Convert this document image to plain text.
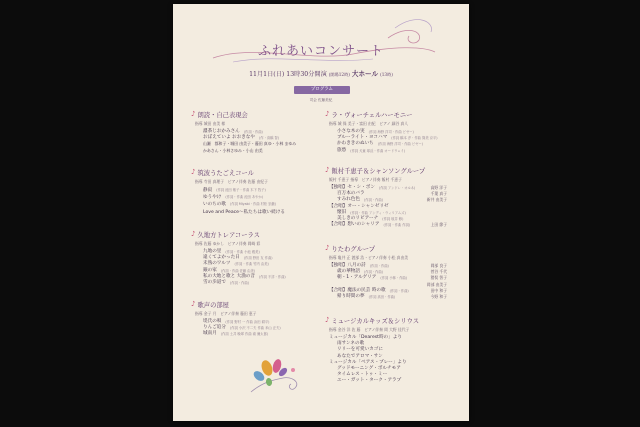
ふれあいコンサート
11月1日(日) 13時30分開演 (開場12時) 大ホール (13時)
プログラム
司会 佐藤美紀
♪ 朗読・自己表現会
指導 城田 由美 様
濃茶じおかみさん (作詞・作曲)
おぼえていよ おおきなや (作・高橋 智)
山瀬　都和子・城田 由美子・藤田 真ゆ・小林 まゆみ
かあさん・小林さゆみ・小山 由美
♪ 筑波うたごえコール
指導 寺田 真理子　ピアノ伴奏 佐藤 由紀子
静寂 (作詞 池田 敏子・作曲 木下 牧子)
ゆうやけ (作詞・作曲 池田 あやか)
いのちの歌 (作詞 Miyabi・作曲 村松 崇継)
Love and Peace～私たちは歌い続ける
♪ 久地方トレアコーラス
指導 佐藤 ゆかし　ピアノ伴奏 岡崎 彩
九地の里 (作詞・作曲 小池 雅美)
遠くてよかった日 (作詞 野田 友 作曲)
未熟のワルツ (作詞・作曲 竹内 由美)
銀の家 (作詞・作曲 佐藤 由美)
私の大地と歌と 大漁の音 (作詞 不詳・作曲)
雪の歩道で (作詞・作曲)
♪ 歌声の部屋
指導 金子 月　ピアノ伴奏 藤田 恵子
堤氏の唄 (作詞 野村 一 作曲 浜田 耕平)
りんご追分 (作詞 小沢 不二夫 作曲 米山 正夫)
城南月 (作詞 土井 晩翠 作曲 滝 廉太郎)
♪ ラ・ヴォーチェルハーモニー
指導 城 保 美子・富田 由紀　ピアノ 細谷 真人
小さな木の実 (作詞 海野 洋司・作曲 ビゼー)
ブルーライト・ヨコハマ (作詞 橋本 淳・作曲 筒美 京平)
かわききのぬいち (作詞 海野 洋司・作曲 ビゼー)
旅愁 (作詞 犬童 球渓・作曲 オードウェイ)
♪ 飯村千恵子＆シャンソングループ
飯村 千恵子 指導　ピアノ伴奏 飯村 千恵子
【独唱】セ・シ・ボン (作詞 アンドレ・オルネ)	高野 洋子
百万本のバラ	千葉 真子
すみれ色色 (作詞・作曲)	新井 由美子
【合唱】オー・シャンゼリゼ
懐旧 (作詞・作曲 アンディ・ウィリアムズ)
美しきのリビアーナ (作詞 坂井 修)
【合唱】想いのシャリア (作詞・作曲 作詞)	上田 節子
♪ りたわグループ
指導 亀井 正 渡部 浩・ピアノ伴奏 小松 真由美
【独唱】八月の詩 (作詞・作曲)	岡部 良子
歳の華物語 (作詞・作曲)	菅谷 千代
朝・1・アルゲリア (作詞 小林・作曲)	猪俣 智子
岡部 由美子
【合唱】魔法の民芸 時の歌 (作詞・作曲)	田中 和子
帰り時間の夢 (作詞 高田・作曲)	今野 和子
♪ ミュージカルキッズ＆シリウス
指導 金谷 洋 佐 藤　ピアノ伴奏 岡 大野 佳代子
ミュージカル「Dearest時の」より
雨サンネの歌
リリーを可愛いカゴに
あなたでアロマ・サン
ミュージカル「ベアス・プレー」より
グッドモーニング・ボルチモア
タイムレス・トゥ・ミー
ユー・ガット・ターク・アラプ
